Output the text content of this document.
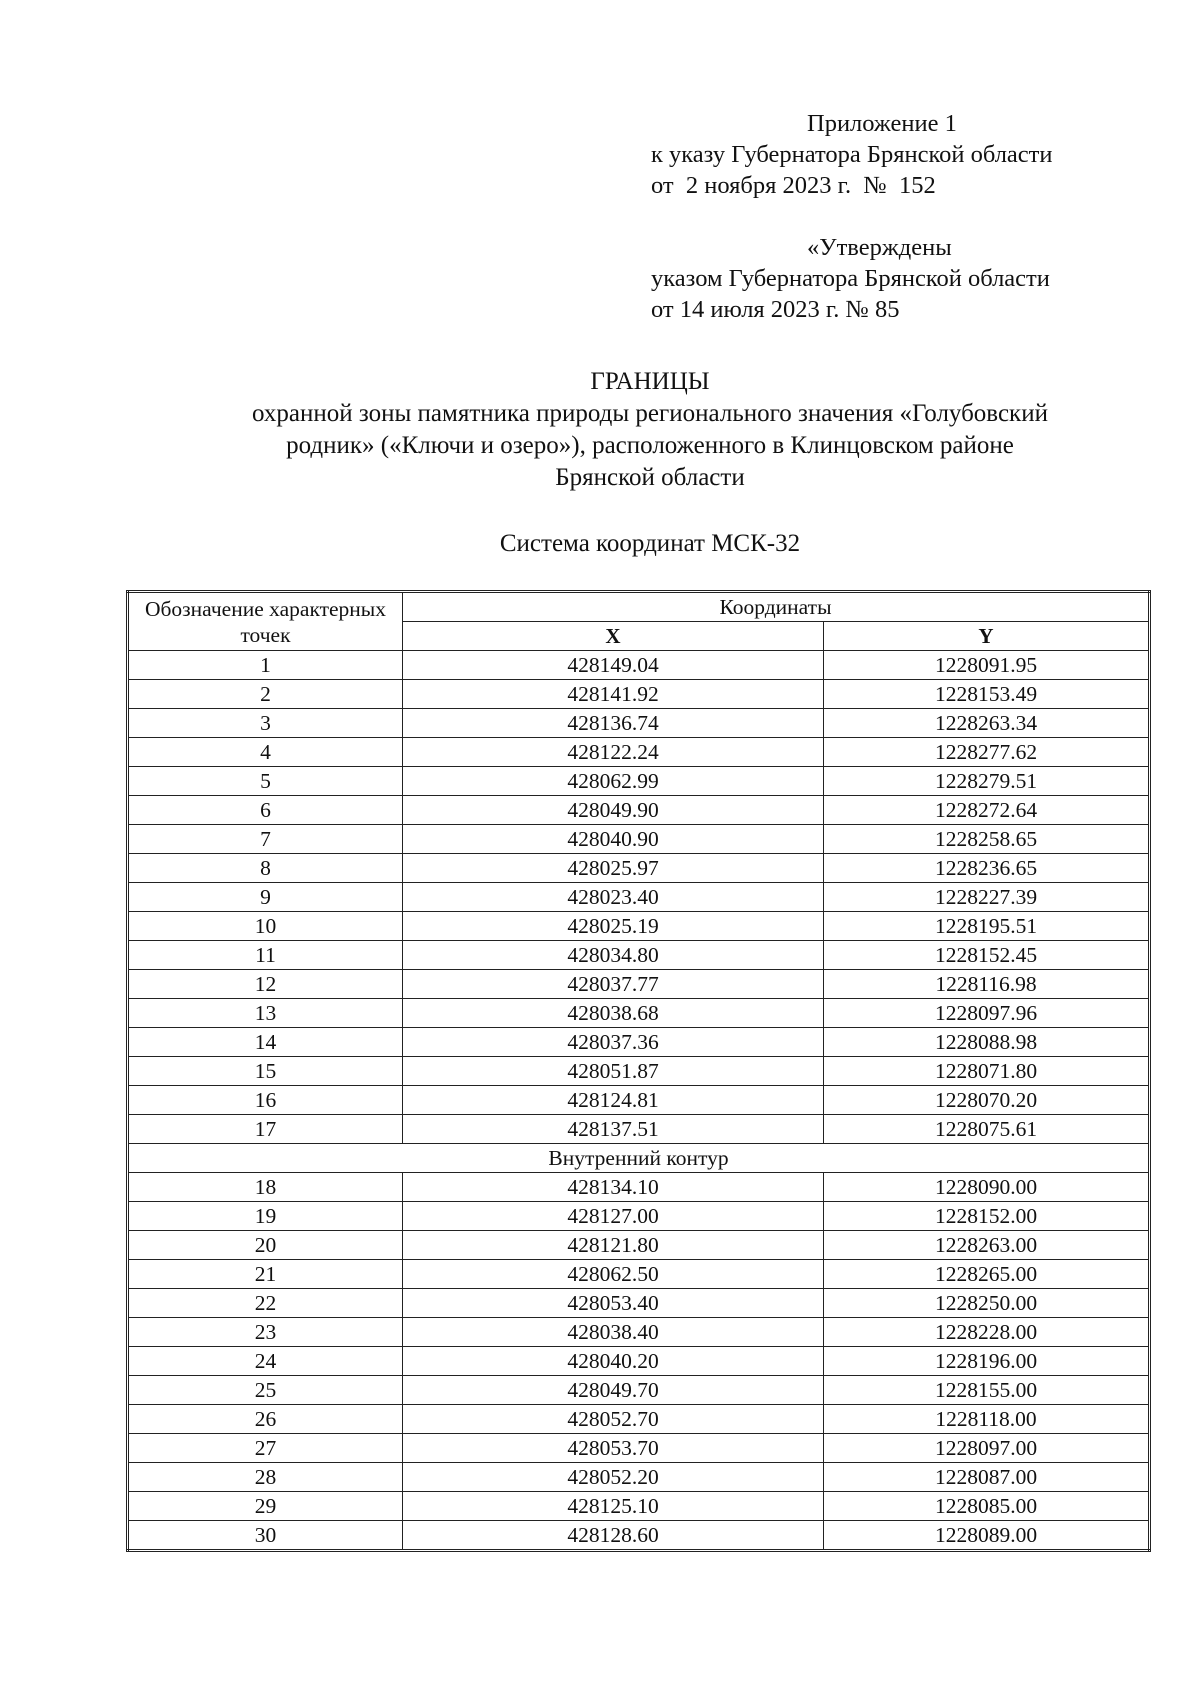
Приложение 1
к указу Губернатора Брянской области
от  2 ноября 2023 г.  №  152
«Утверждены
указом Губернатора Брянской области
от 14 июля 2023 г. № 85
ГРАНИЦЫ
охранной зоны памятника природы регионального значения «Голубовский
родник» («Ключи и озеро»), расположенного в Клинцовском районе
Брянской области
Система координат МСК-32
Обозначение характерных точек	Координаты	
	X	Y
1	428149.04	1228091.95
2	428141.92	1228153.49
3	428136.74	1228263.34
4	428122.24	1228277.62
5	428062.99	1228279.51
6	428049.90	1228272.64
7	428040.90	1228258.65
8	428025.97	1228236.65
9	428023.40	1228227.39
10	428025.19	1228195.51
11	428034.80	1228152.45
12	428037.77	1228116.98
13	428038.68	1228097.96
14	428037.36	1228088.98
15	428051.87	1228071.80
16	428124.81	1228070.20
17	428137.51	1228075.61
Внутренний контур		
18	428134.10	1228090.00
19	428127.00	1228152.00
20	428121.80	1228263.00
21	428062.50	1228265.00
22	428053.40	1228250.00
23	428038.40	1228228.00
24	428040.20	1228196.00
25	428049.70	1228155.00
26	428052.70	1228118.00
27	428053.70	1228097.00
28	428052.20	1228087.00
29	428125.10	1228085.00
30	428128.60	1228089.00
